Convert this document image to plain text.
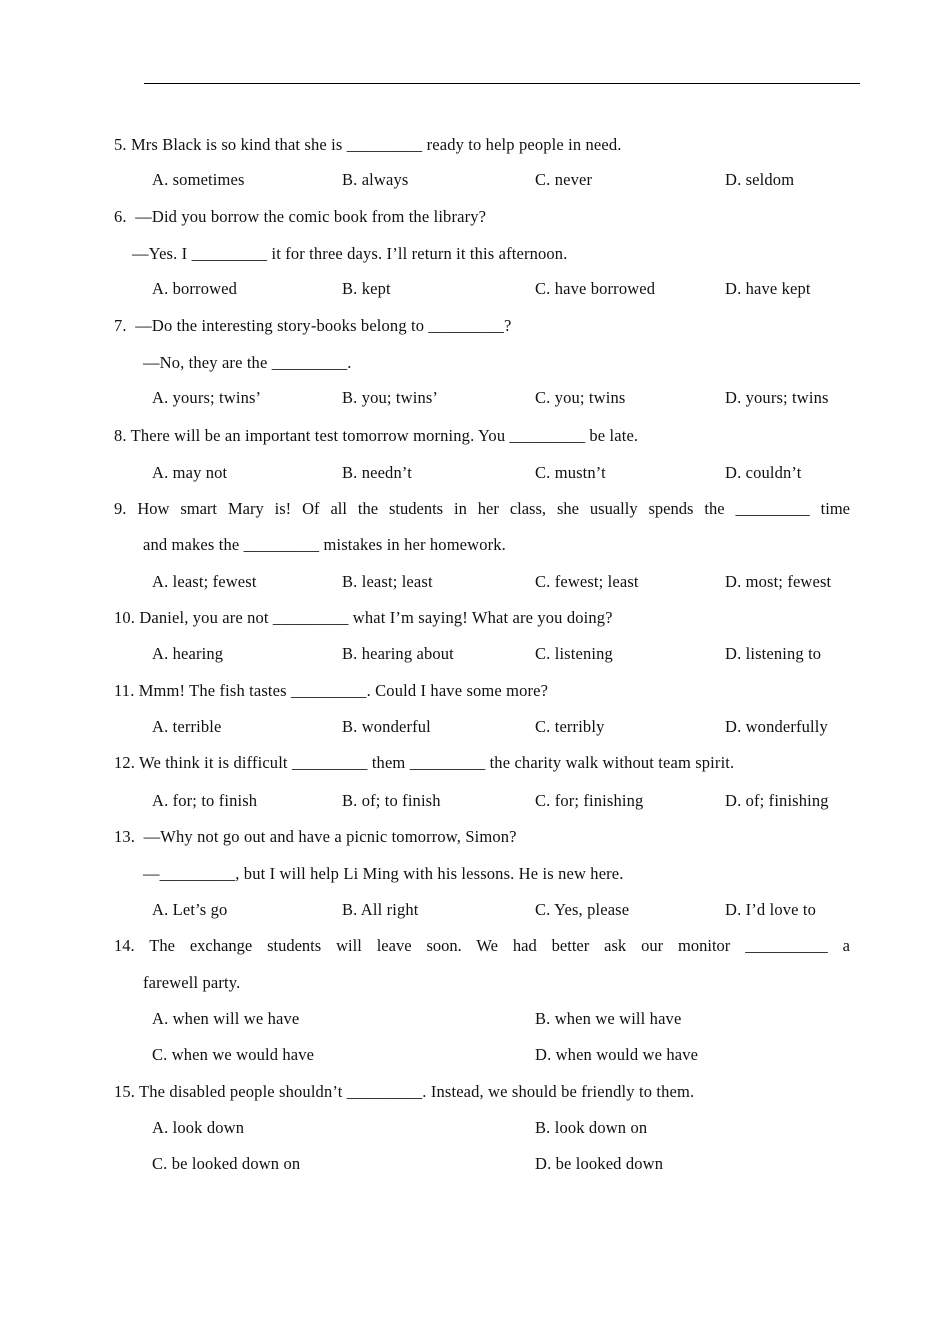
5. Mrs Black is so kind that she is _________ ready to help people in need.
A. sometimes	B. always	C. never	D. seldom
6.  —Did you borrow the comic book from the library?
—Yes. I _________ it for three days. I’ll return it this afternoon.
A. borrowed	B. kept	C. have borrowed	D. have kept
7.  —Do the interesting story-books belong to _________?
—No, they are the _________.
A. yours; twins’	B. you; twins’	C. you; twins	D. yours; twins
8. There will be an important test tomorrow morning. You _________ be late.
A. may not	B. needn’t	C. mustn’t	D. couldn’t
9. How smart Mary is! Of all the students in her class, she usually spends the _________ time
and makes the _________ mistakes in her homework.
A. least; fewest	B. least; least	C. fewest; least	D. most; fewest
10. Daniel, you are not _________ what I’m saying! What are you doing?
A. hearing	B. hearing about	C. listening	D. listening to
11. Mmm! The fish tastes _________. Could I have some more?
A. terrible	B. wonderful	C. terribly	D. wonderfully
12. We think it is difficult _________ them _________ the charity walk without team spirit.
A. for; to finish	B. of; to finish	C. for; finishing	D. of; finishing
13.  —Why not go out and have a picnic tomorrow, Simon?
—_________, but I will help Li Ming with his lessons. He is new here.
A. Let’s go	B. All right	C. Yes, please	D. I’d love to
14. The exchange students will leave soon. We had better ask our monitor __________ a
farewell party.
A. when will we have	B. when we will have
C. when we would have	D. when would we have
15. The disabled people shouldn’t _________. Instead, we should be friendly to them.
A. look down	B. look down on
C. be looked down on	D. be looked down
